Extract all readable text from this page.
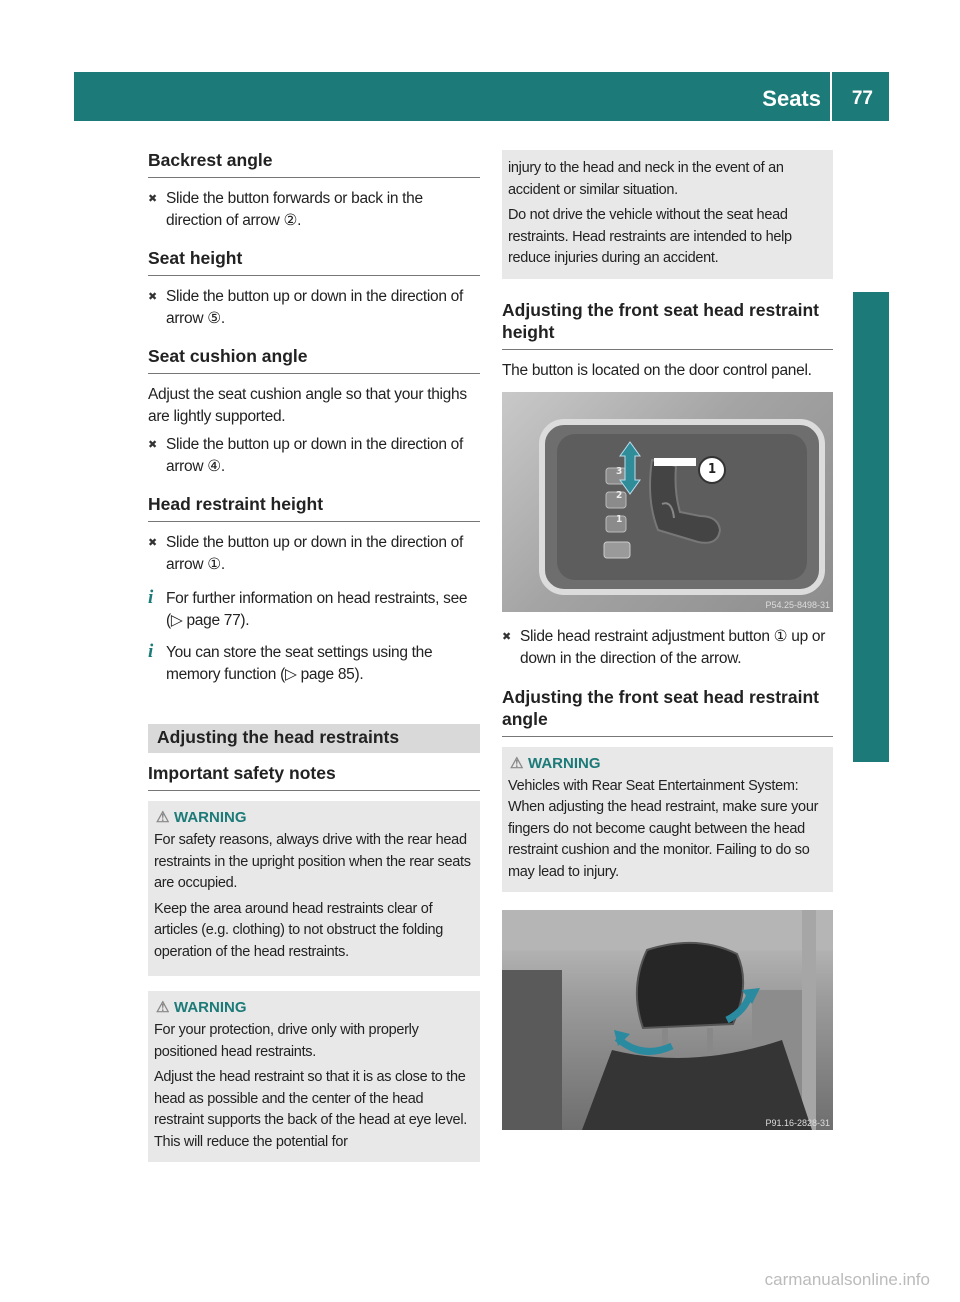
Seats 77
Seats, steering wheel and mirrors
Backrest angle
✖ Slide the button forwards or back in the direction of arrow ②.
Seat height
✖ Slide the button up or down in the direction of arrow ⑤.
Seat cushion angle
Adjust the seat cushion angle so that your thighs are lightly supported.
✖ Slide the button up or down in the direction of arrow ④.
Head restraint height
✖ Slide the button up or down in the direction of arrow ①.
i For further information on head restraints, see (▷ page 77).
i You can store the seat settings using the memory function (▷ page 85).
Adjusting the head restraints
Important safety notes
⚠ WARNING
For safety reasons, always drive with the rear head restraints in the upright position when the rear seats are occupied.
Keep the area around head restraints clear of articles (e.g. clothing) to not obstruct the folding operation of the head restraints.
⚠ WARNING
For your protection, drive only with properly positioned head restraints.
Adjust the head restraint so that it is as close to the head as possible and the center of the head restraint supports the back of the head at eye level. This will reduce the potential for
injury to the head and neck in the event of an accident or similar situation.
Do not drive the vehicle without the seat head restraints. Head restraints are intended to help reduce injuries during an accident.
Adjusting the front seat head restraint height
The button is located on the door control panel.
3
2
1
1
P54.25-8498-31
✖ Slide head restraint adjustment button ① up or down in the direction of the arrow.
Adjusting the front seat head restraint angle
⚠ WARNING
Vehicles with Rear Seat Entertainment System: When adjusting the head restraint, make sure your fingers do not become caught between the head restraint cushion and the monitor. Failing to do so may lead to injury.
P91.16-2828-31
carmanualsonline.info
